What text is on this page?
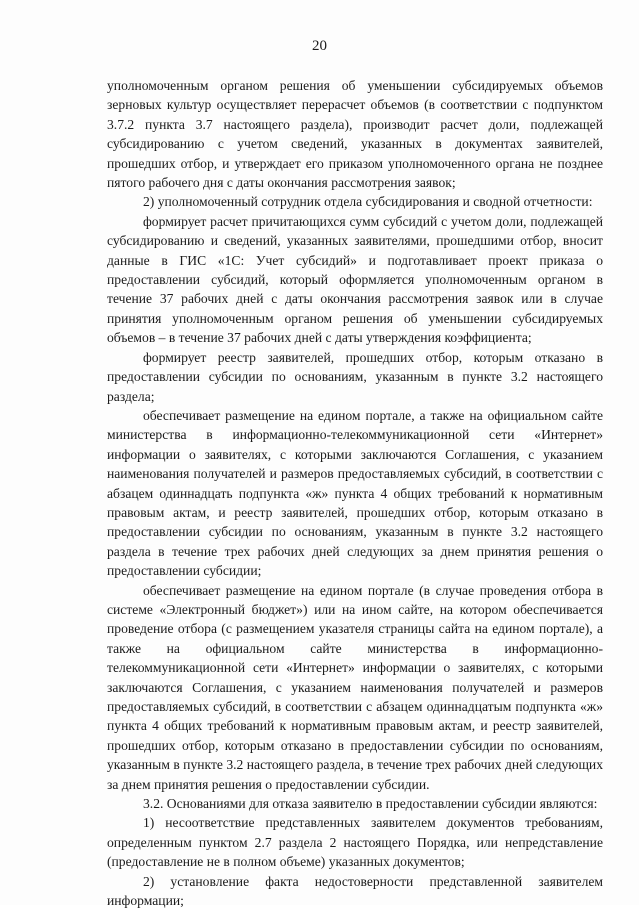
20

уполномоченным органом решения об уменьшении субсидируемых объемов зерновых культур осуществляет перерасчет объемов (в соответствии с подпунктом 3.7.2 пункта 3.7 настоящего раздела), производит расчет доли, подлежащей субсидированию с учетом сведений, указанных в документах заявителей, прошедших отбор, и утверждает его приказом уполномоченного органа не позднее пятого рабочего дня с даты окончания рассмотрения заявок;

2) уполномоченный сотрудник отдела субсидирования и сводной отчетности:

формирует расчет причитающихся сумм субсидий с учетом доли, подлежащей субсидированию и сведений, указанных заявителями, прошедшими отбор, вносит данные в ГИС «1С: Учет субсидий» и подготавливает проект приказа о предоставлении субсидий, который оформляется уполномоченным органом в течение 37 рабочих дней с даты окончания рассмотрения заявок или в случае принятия уполномоченным органом решения об уменьшении субсидируемых объемов – в течение 37 рабочих дней с даты утверждения коэффициента;

формирует реестр заявителей, прошедших отбор, которым отказано в предоставлении субсидии по основаниям, указанным в пункте 3.2 настоящего раздела;

обеспечивает размещение на едином портале, а также на официальном сайте министерства в информационно-телекоммуникационной сети «Интернет» информации о заявителях, с которыми заключаются Соглашения, с указанием наименования получателей и размеров предоставляемых субсидий, в соответствии с абзацем одиннадцать подпункта «ж» пункта 4 общих требований к нормативным правовым актам, и реестр заявителей, прошедших отбор, которым отказано в предоставлении субсидии по основаниям, указанным в пункте 3.2 настоящего раздела в течение трех рабочих дней следующих за днем принятия решения о предоставлении субсидии;

обеспечивает размещение на едином портале (в случае проведения отбора в системе «Электронный бюджет») или на ином сайте, на котором обеспечивается проведение отбора (с размещением указателя страницы сайта на едином портале), а также на официальном сайте министерства в информационно-телекоммуникационной сети «Интернет» информации о заявителях, с которыми заключаются Соглашения, с указанием наименования получателей и размеров предоставляемых субсидий, в соответствии с абзацем одиннадцатым подпункта «ж» пункта 4 общих требований к нормативным правовым актам, и реестр заявителей, прошедших отбор, которым отказано в предоставлении субсидии по основаниям, указанным в пункте 3.2 настоящего раздела, в течение трех рабочих дней следующих за днем принятия решения о предоставлении субсидии.

3.2. Основаниями для отказа заявителю в предоставлении субсидии являются:

1) несоответствие представленных заявителем документов требованиям, определенным пунктом 2.7 раздела 2 настоящего Порядка, или непредставление (предоставление не в полном объеме) указанных документов;

2) установление факта недостоверности представленной заявителем информации;
